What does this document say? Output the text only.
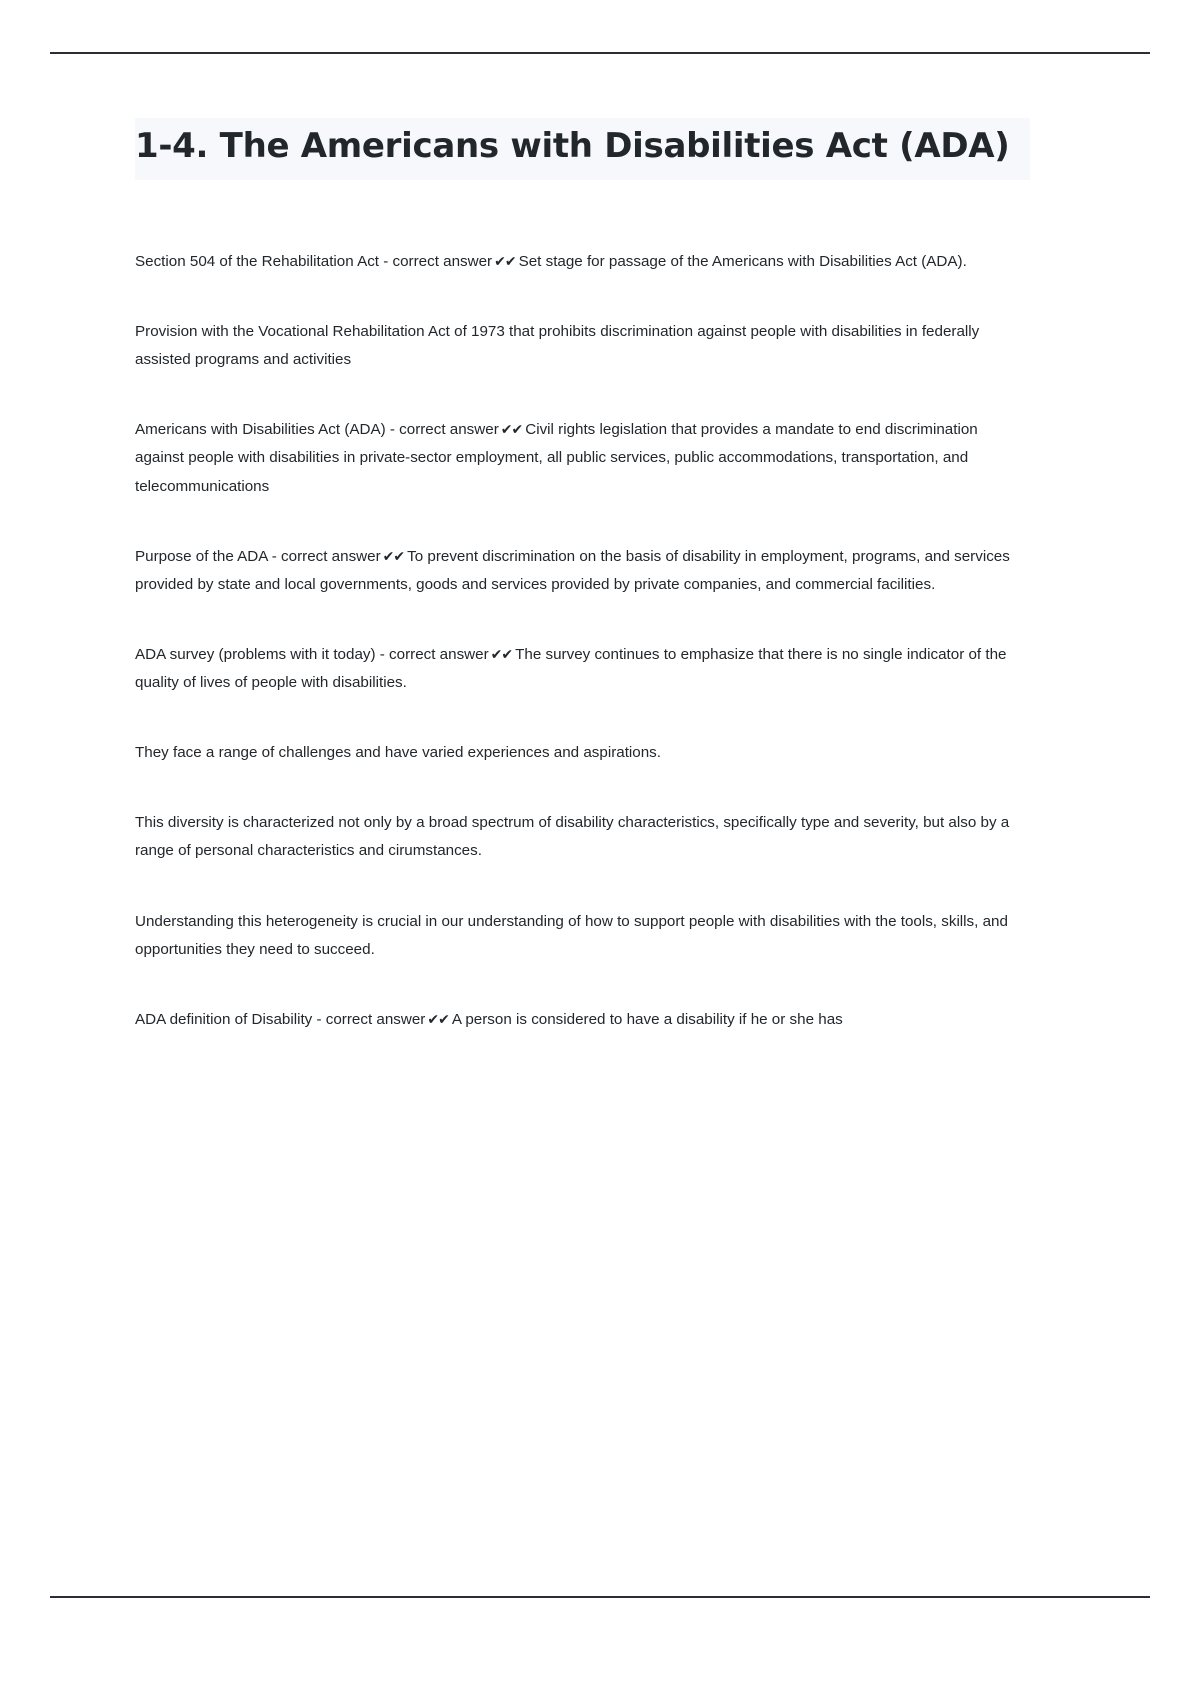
1-4. The Americans with Disabilities Act (ADA)

Section 504 of the Rehabilitation Act - correct answer ✔✔ Set stage for passage of the Americans with Disabilities Act (ADA).

Provision with the Vocational Rehabilitation Act of 1973 that prohibits discrimination against people with disabilities in federally assisted programs and activities

Americans with Disabilities Act (ADA) - correct answer ✔✔ Civil rights legislation that provides a mandate to end discrimination against people with disabilities in private-sector employment, all public services, public accommodations, transportation, and telecommunications

Purpose of the ADA - correct answer ✔✔ To prevent discrimination on the basis of disability in employment, programs, and services provided by state and local governments, goods and services provided by private companies, and commercial facilities.

ADA survey (problems with it today) - correct answer ✔✔ The survey continues to emphasize that there is no single indicator of the quality of lives of people with disabilities.

They face a range of challenges and have varied experiences and aspirations.

This diversity is characterized not only by a broad spectrum of disability characteristics, specifically type and severity, but also by a range of personal characteristics and cirumstances.

Understanding this heterogeneity is crucial in our understanding of how to support people with disabilities with the tools, skills, and opportunities they need to succeed.

ADA definition of Disability - correct answer ✔✔ A person is considered to have a disability if he or she has
